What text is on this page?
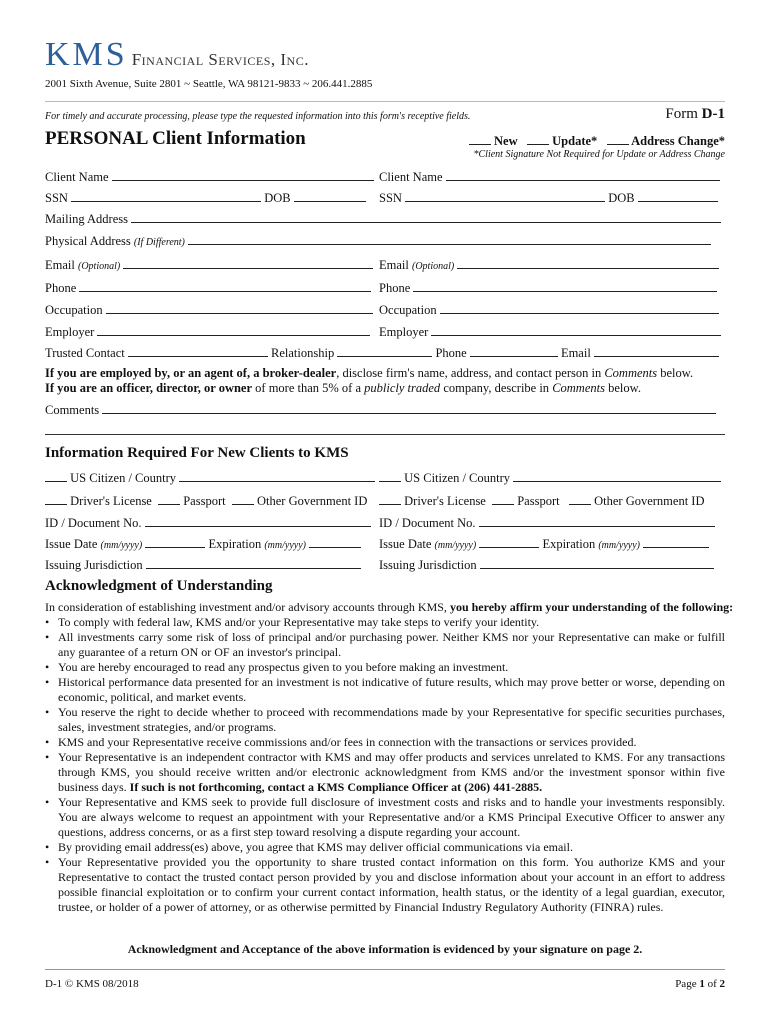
KMS Financial Services, Inc.
2001 Sixth Avenue, Suite 2801 ~ Seattle, WA 98121-9833 ~ 206.441.2885
For timely and accurate processing, please type the requested information into this form's receptive fields.	Form D-1
PERSONAL Client Information	New	Update*	Address Change*
*Client Signature Not Required for Update or Address Change
Client Name	Client Name
SSN	DOB	SSN	DOB
Mailing Address
Physical Address (If Different)
Email (Optional)	Email (Optional)
Phone	Phone
Occupation	Occupation
Employer	Employer
Trusted Contact	Relationship	Phone	Email
If you are employed by, or an agent of, a broker-dealer, disclose firm's name, address, and contact person in Comments below.
If you are an officer, director, or owner of more than 5% of a publicly traded company, describe in Comments below.
Comments
Information Required For New Clients to KMS
US Citizen / Country	US Citizen / Country
Driver's License	Passport	Other Government ID	Driver's License	Passport	Other Government ID
ID / Document No.	ID / Document No.
Issue Date (mm/yyyy)	Expiration (mm/yyyy)	Issue Date (mm/yyyy)	Expiration (mm/yyyy)
Issuing Jurisdiction	Issuing Jurisdiction
Acknowledgment of Understanding
In consideration of establishing investment and/or advisory accounts through KMS, you hereby affirm your understanding of the following:
• To comply with federal law, KMS and/or your Representative may take steps to verify your identity.
• All investments carry some risk of loss of principal and/or purchasing power. Neither KMS nor your Representative can make or fulfill any guarantee of a return ON or OF an investor's principal.
• You are hereby encouraged to read any prospectus given to you before making an investment.
• Historical performance data presented for an investment is not indicative of future results, which may prove better or worse, depending on economic, political, and market events.
• You reserve the right to decide whether to proceed with recommendations made by your Representative for specific securities purchases, sales, investment strategies, and/or programs.
• KMS and your Representative receive commissions and/or fees in connection with the transactions or services provided.
• Your Representative is an independent contractor with KMS and may offer products and services unrelated to KMS. For any transactions through KMS, you should receive written and/or electronic acknowledgment from KMS and/or the investment sponsor within five business days. If such is not forthcoming, contact a KMS Compliance Officer at (206) 441-2885.
• Your Representative and KMS seek to provide full disclosure of investment costs and risks and to handle your investments responsibly. You are always welcome to request an appointment with your Representative and/or a KMS Principal Executive Officer to answer any questions, address concerns, or as a first step toward resolving a dispute regarding your account.
• By providing email address(es) above, you agree that KMS may deliver official communications via email.
• Your Representative provided you the opportunity to share trusted contact information on this form. You authorize KMS and your Representative to contact the trusted contact person provided by you and disclose information about your account in an effort to address possible financial exploitation or to confirm your current contact information, health status, or the identity of a legal guardian, executor, trustee, or holder of a power of attorney, or as otherwise permitted by Financial Industry Regulatory Authority (FINRA) rules.
Acknowledgment and Acceptance of the above information is evidenced by your signature on page 2.
D-1 © KMS 08/2018	Page 1 of 2
